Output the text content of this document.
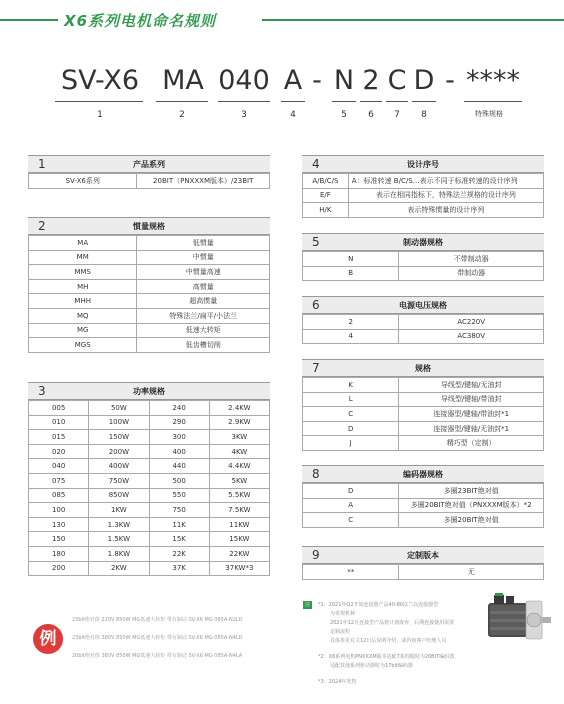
X6系列电机命名规则
SV-X6 MA 040 A - N 2 C D - ****
1	2	3	4	5	6	7	8	特殊规格
1	产品系列
SV-X6系列	20BIT（PNXXXM版本）/23BIT
2	惯量规格
MA	低惯量
MM	中惯量
MMS	中惯量高速
MH	高惯量
MHH	超高惯量
MQ	特殊法兰/扁平/小法兰
MG	低速大转矩
MGS	低齿槽切削
3	功率规格
005	50W	240	2.4KW
010	100W	290	2.9KW
015	150W	300	3KW
020	200W	400	4KW
040	400W	440	4.4KW
075	750W	500	5KW
085	850W	550	5.5KW
100	1KW	750	7.5KW
130	1.3KW	11K	11KW
150	1.5KW	15K	15KW
180	1.8KW	22K	22KW
200	2KW	37K	37KW*3
4	设计序号
A/B/C/S	A：标准转速 B/C/S…表示不同于标准转速的设计序列
E/F	表示在相同指标下，特殊法兰规格的设计序列
H/K	表示特殊惯量的设计序列
5	制动器规格
N	不带制动器
B	带制动器
6	电源电压规格
2	AC220V
4	AC380V
7	规格
K	导线型/键轴/无油封
L	导线型/键轴/带油封
C	连接器型/键轴/带油封*1
D	连接器型/键轴/无油封*1
J	精巧型（定制）
8	编码器规格
D	多圈23BIT绝对值
A	多圈20BIT绝对值（PNXXXM版本）*2
C	多圈20BIT绝对值
9	定制版本
**	无
例
23bit绝对值 220V 850W MG低速大转矩 带有制动 SV-X6 MG 085A-N2LD
23bit绝对值 380V 850W MG低速大转矩 带有制动 SV-X6 MG 085A-N4LD
20bit绝对值 380V 850W MG低速大转矩 带有制动 SV-X6 MG 085A-N4LA
注	*1：2021年Q2开始连接器产品40-80法兰以连接器型
为常规机种
2021年12月连接型产品将计划废弃，后期连接使用需要
定制流程
具体参见有关12日后说明介绍，或咨询客户经理人员
*2：X6系列电机PNXXXM版本适配7系伺服时为20BIT编码器，
适配其他系列驱动器时为17bit编码器
*3：2024年发售
